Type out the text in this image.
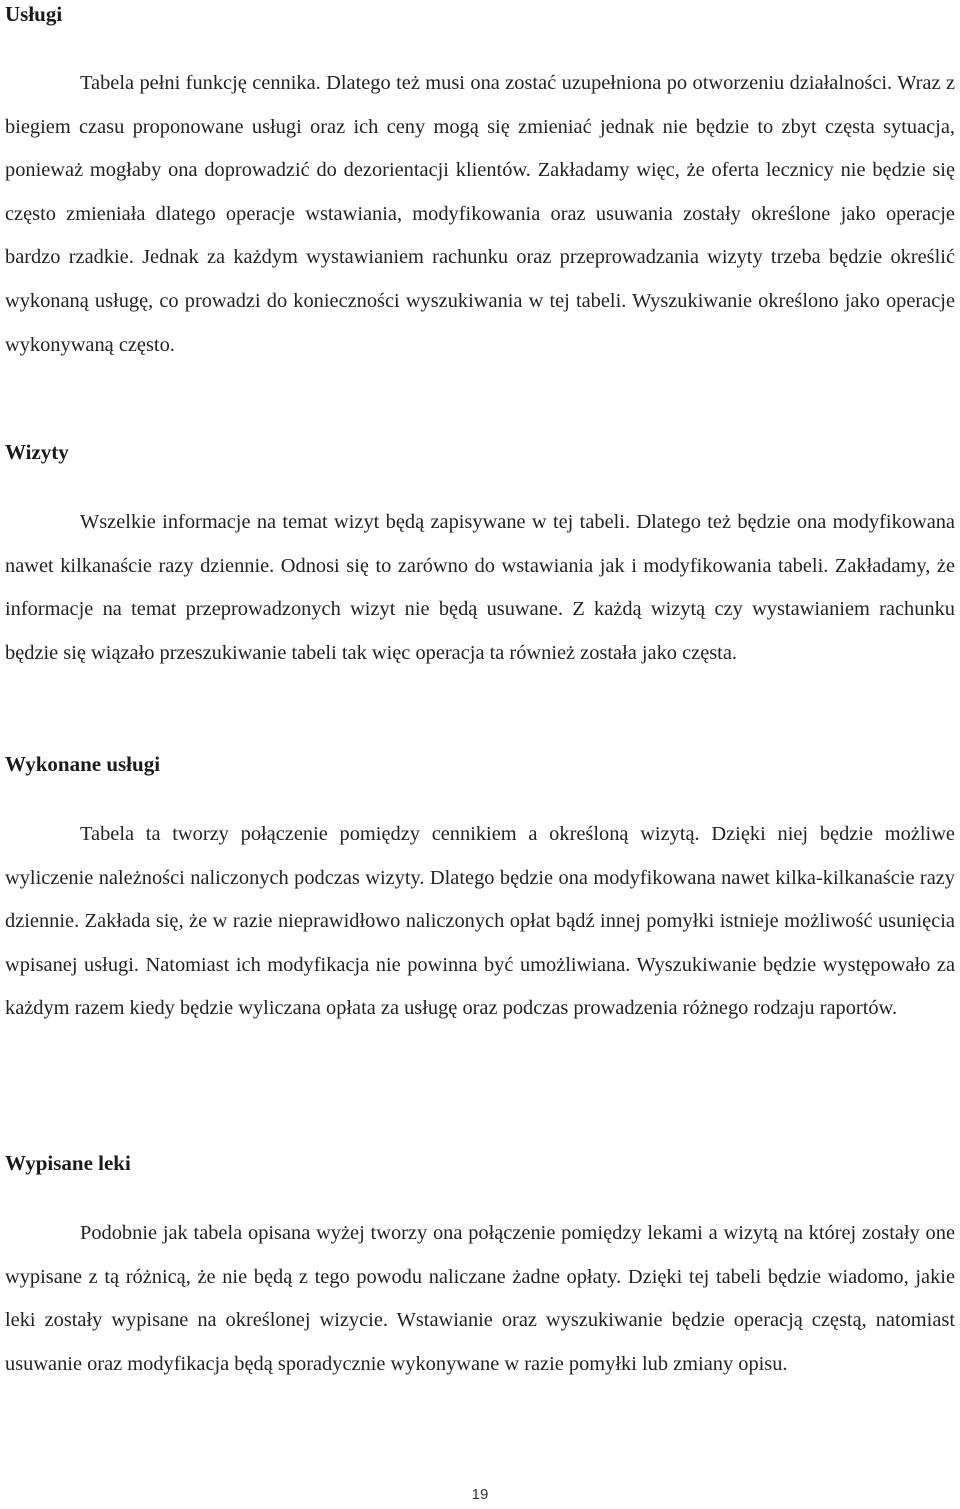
Usługi

Tabela pełni funkcję cennika. Dlatego też musi ona zostać uzupełniona po otworzeniu działalności. Wraz z biegiem czasu proponowane usługi oraz ich ceny mogą się zmieniać jednak nie będzie to zbyt częsta sytuacja, ponieważ mogłaby ona doprowadzić do dezorientacji klientów. Zakładamy więc, że oferta lecznicy nie będzie się często zmieniała dlatego operacje wstawiania, modyfikowania oraz usuwania zostały określone jako operacje bardzo rzadkie. Jednak za każdym wystawianiem rachunku oraz przeprowadzania wizyty trzeba będzie określić wykonaną usługę, co prowadzi do konieczności wyszukiwania w tej tabeli. Wyszukiwanie określono jako operacje wykonywaną często.

Wizyty

Wszelkie informacje na temat wizyt będą zapisywane w tej tabeli. Dlatego też będzie ona modyfikowana nawet kilkanaście razy dziennie. Odnosi się to zarówno do wstawiania jak i modyfikowania tabeli. Zakładamy, że informacje na temat przeprowadzonych wizyt nie będą usuwane. Z każdą wizytą czy wystawianiem rachunku będzie się wiązało przeszukiwanie tabeli tak więc operacja ta również została jako częsta.

Wykonane usługi

Tabela ta tworzy połączenie pomiędzy cennikiem a określoną wizytą. Dzięki niej będzie możliwe wyliczenie należności naliczonych podczas wizyty. Dlatego będzie ona modyfikowana nawet kilka-kilkanaście razy dziennie. Zakłada się, że w razie nieprawidłowo naliczonych opłat bądź innej pomyłki istnieje możliwość usunięcia wpisanej usługi. Natomiast ich modyfikacja nie powinna być umożliwiana. Wyszukiwanie będzie występowało za każdym razem kiedy będzie wyliczana opłata za usługę oraz podczas prowadzenia różnego rodzaju raportów.

Wypisane leki

Podobnie jak tabela opisana wyżej tworzy ona połączenie pomiędzy lekami a wizytą na której zostały one wypisane z tą różnicą, że nie będą z tego powodu naliczane żadne opłaty. Dzięki tej tabeli będzie wiadomo, jakie leki zostały wypisane na określonej wizycie. Wstawianie oraz wyszukiwanie będzie operacją częstą, natomiast usuwanie oraz modyfikacja będą sporadycznie wykonywane w razie pomyłki lub zmiany opisu.

19
